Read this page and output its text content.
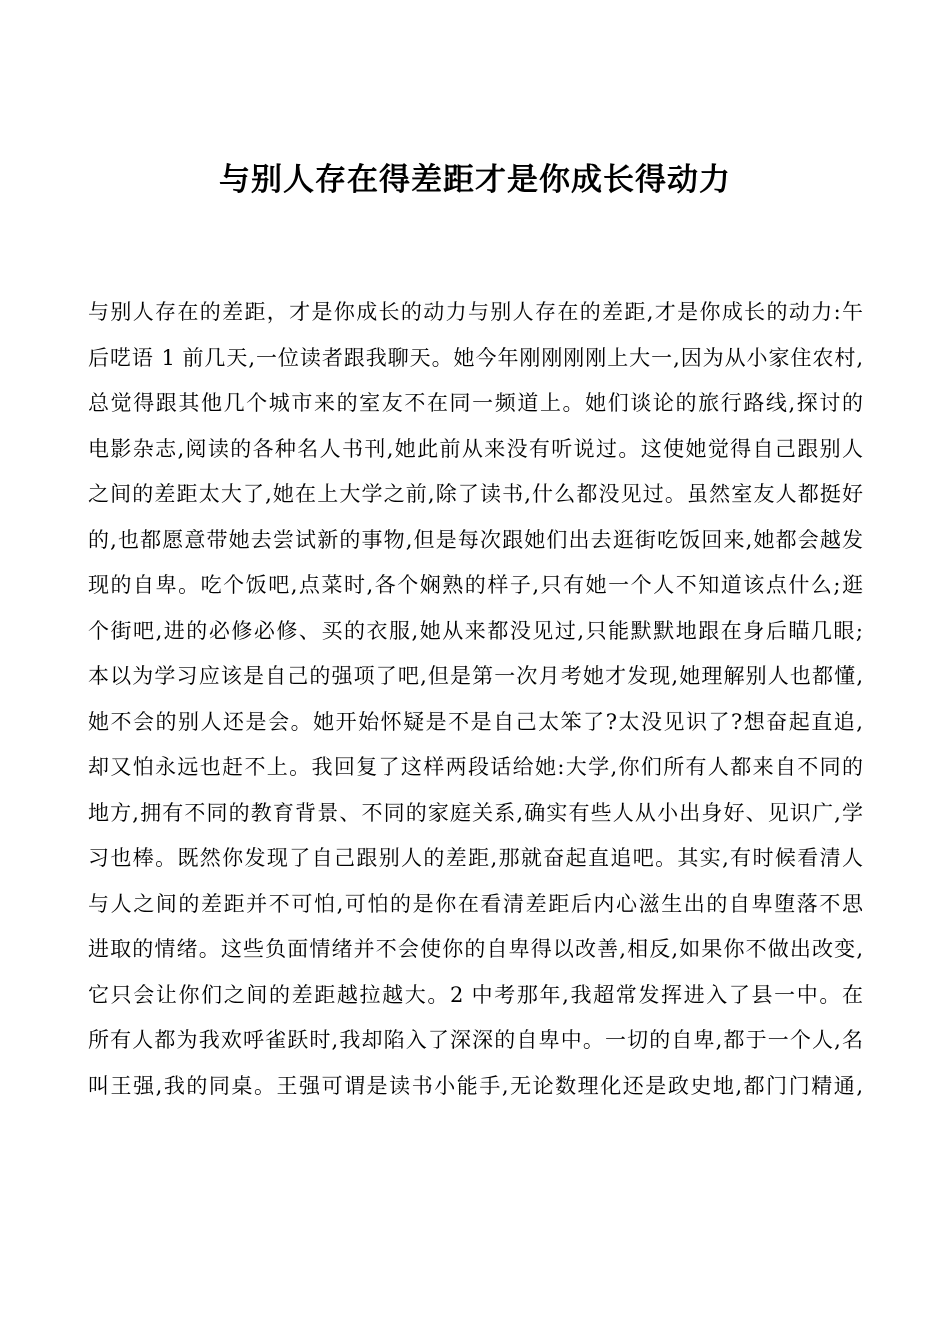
与别人存在得差距才是你成长得动力
与别人存在的差距，才是你成长的动力与别人存在的差距,才是你成长的动力:午
后呓语 1 前几天,一位读者跟我聊天。她今年刚刚刚刚上大一,因为从小家住农村,
总觉得跟其他几个城市来的室友不在同一频道上。她们谈论的旅行路线,探讨的
电影杂志,阅读的各种名人书刊,她此前从来没有听说过。这使她觉得自己跟别人
之间的差距太大了,她在上大学之前,除了读书,什么都没见过。虽然室友人都挺好
的,也都愿意带她去尝试新的事物,但是每次跟她们出去逛街吃饭回来,她都会越发
现的自卑。吃个饭吧,点菜时,各个娴熟的样子,只有她一个人不知道该点什么;逛
个街吧,进的必修必修、买的衣服,她从来都没见过,只能默默地跟在身后瞄几眼;
本以为学习应该是自己的强项了吧,但是第一次月考她才发现,她理解别人也都懂,
她不会的别人还是会。她开始怀疑是不是自己太笨了?太没见识了?想奋起直追,
却又怕永远也赶不上。我回复了这样两段话给她:大学,你们所有人都来自不同的
地方,拥有不同的教育背景、不同的家庭关系,确实有些人从小出身好、见识广,学
习也棒。既然你发现了自己跟别人的差距,那就奋起直追吧。其实,有时候看清人
与人之间的差距并不可怕,可怕的是你在看清差距后内心滋生出的自卑堕落不思
进取的情绪。这些负面情绪并不会使你的自卑得以改善,相反,如果你不做出改变,
它只会让你们之间的差距越拉越大。2 中考那年,我超常发挥进入了县一中。在
所有人都为我欢呼雀跃时,我却陷入了深深的自卑中。一切的自卑,都于一个人,名
叫王强,我的同桌。王强可谓是读书小能手,无论数理化还是政史地,都门门精通,
